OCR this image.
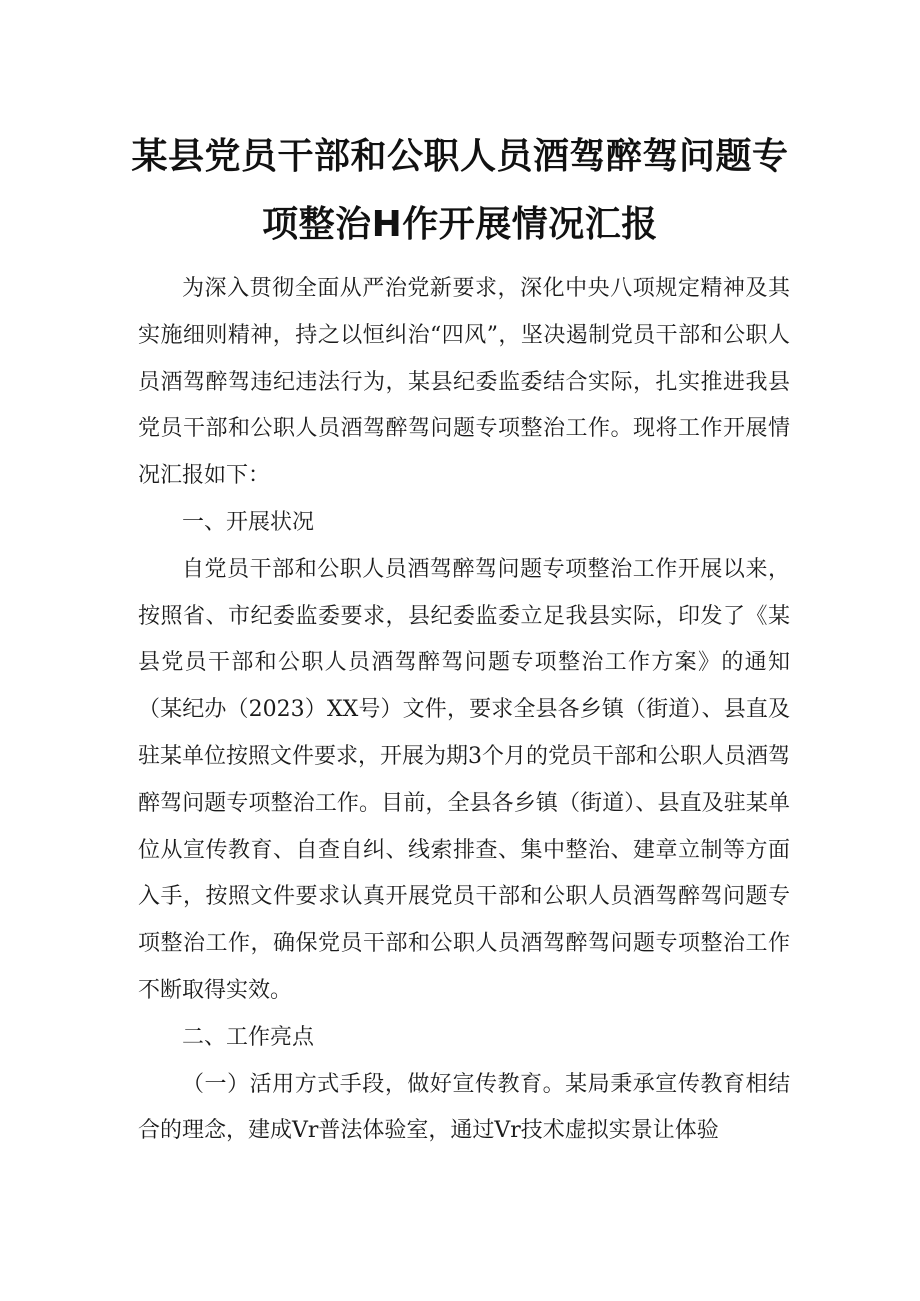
某县党员干部和公职人员酒驾醉驾问题专
项整治H作开展情况汇报

为深入贯彻全面从严治党新要求，深化中央八项规定精神及其实施细则精神，持之以恒纠治“四风”，坚决遏制党员干部和公职人员酒驾醉驾违纪违法行为，某县纪委监委结合实际，扎实推进我县党员干部和公职人员酒驾醉驾问题专项整治工作。现将工作开展情况汇报如下：

一、开展状况

自党员干部和公职人员酒驾醉驾问题专项整治工作开展以来，按照省、市纪委监委要求，县纪委监委立足我县实际，印发了《某县党员干部和公职人员酒驾醉驾问题专项整治工作方案》的通知（某纪办（2023）XX号）文件，要求全县各乡镇（街道）、县直及驻某单位按照文件要求，开展为期3个月的党员干部和公职人员酒驾醉驾问题专项整治工作。目前，全县各乡镇（街道）、县直及驻某单位从宣传教育、自查自纠、线索排查、集中整治、建章立制等方面入手，按照文件要求认真开展党员干部和公职人员酒驾醉驾问题专项整治工作，确保党员干部和公职人员酒驾醉驾问题专项整治工作不断取得实效。

二、工作亮点

（一）活用方式手段，做好宣传教育。某局秉承宣传教育相结合的理念，建成Vr普法体验室，通过Vr技术虚拟实景让体验
